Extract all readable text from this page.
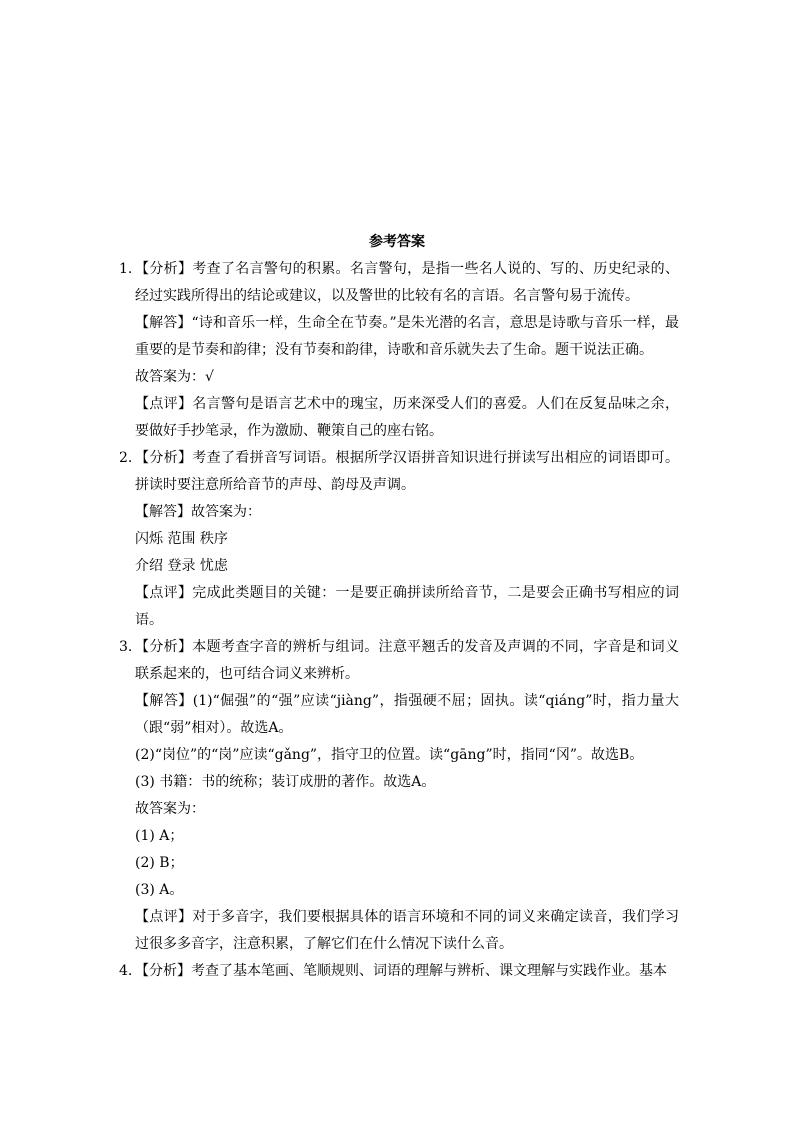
参考答案
1. 【分析】考查了名言警句的积累。名言警句，是指一些名人说的、写的、历史纪录的、经过实践所得出的结论或建议，以及警世的比较有名的言语。名言警句易于流传。

【解答】“诗和音乐一样，生命全在节奏。”是朱光潜的名言，意思是诗歌与音乐一样，最重要的是节奏和韵律；没有节奏和韵律，诗歌和音乐就失去了生命。题干说法正确。

故答案为：√

【点评】名言警句是语言艺术中的瑰宝，历来深受人们的喜爱。人们在反复品味之余，要做好手抄笔录，作为激励、鞭策自己的座右铭。

2. 【分析】考查了看拼音写词语。根据所学汉语拼音知识进行拼读写出相应的词语即可。拼读时要注意所给音节的声母、韵母及声调。

【解答】故答案为：

闪烁 范围 秩序

介绍 登录 忧虑

【点评】完成此类题目的关键：一是要正确拼读所给音节，二是要会正确书写相应的词语。

3. 【分析】本题考查字音的辨析与组词。注意平翘舌的发音及声调的不同，字音是和词义联系起来的，也可结合词义来辨析。

【解答】(1)“倔强”的“强”应读“jiàng”，指强硬不屈；固执。读“qiáng”时，指力量大（跟“弱”相对）。故选A。

(2)“岗位”的“岗”应读“gǎng”，指守卫的位置。读“gāng”时，指同“冈”。故选B。

(3) 书籍：书的统称；装订成册的著作。故选A。

故答案为：

(1) A；

(2) B；

(3) A。

【点评】对于多音字，我们要根据具体的语言环境和不同的词义来确定读音，我们学习过很多多音字，注意积累，了解它们在什么情况下读什么音。

4. 【分析】考查了基本笔画、笔顺规则、词语的理解与辨析、课文理解与实践作业。基本
